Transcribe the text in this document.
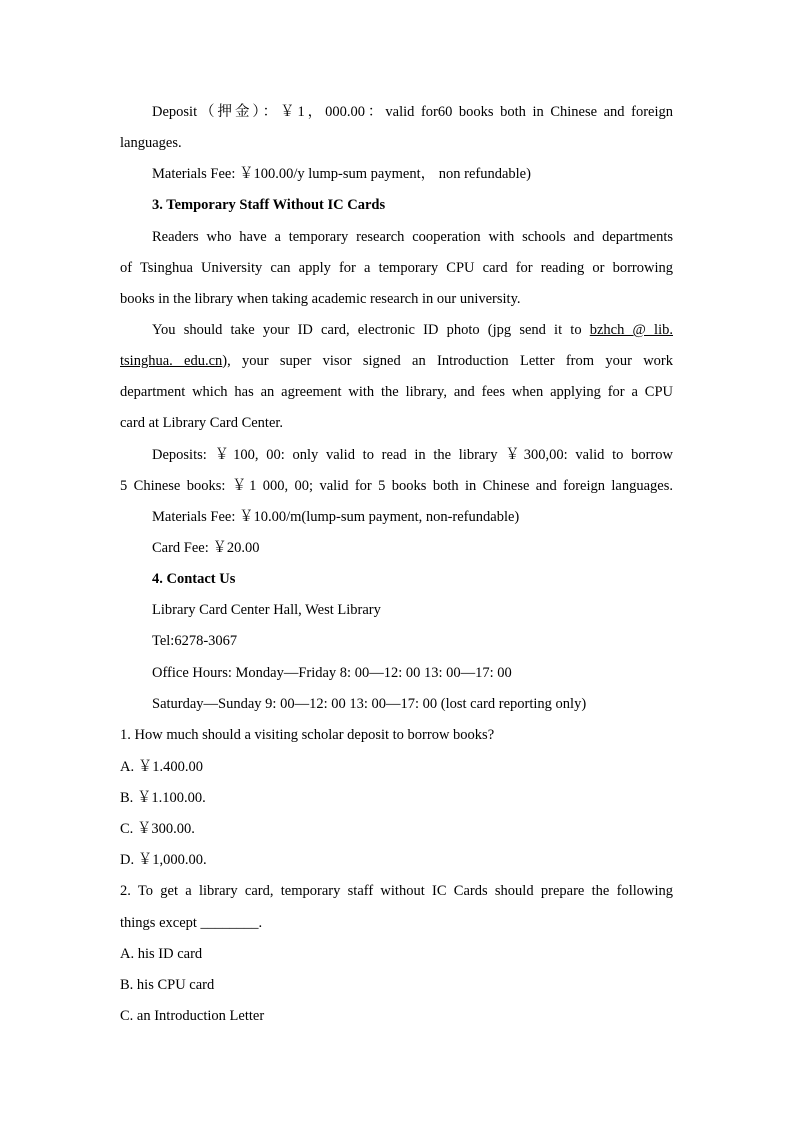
Deposit（押金）：￥1，000.00：valid for60 books both in Chinese and foreign
languages.
Materials Fee: ￥100.00/y lump-sum payment， non refundable)
3. Temporary Staff Without IC Cards
Readers who have a temporary research cooperation with schools and departments
of Tsinghua University can apply for a temporary CPU card for reading or borrowing
books in the library when taking academic research in our university.
You should take your ID card, electronic ID photo (jpg send it to bzhch @ lib.
tsinghua. edu.cn), your super visor signed an Introduction Letter from your work
department which has an agreement with the library, and fees when applying for a CPU
card at Library Card Center.
Deposits: ￥100, 00: only valid to read in the library ￥300,00: valid to borrow
5 Chinese books: ￥1 000, 00; valid for 5 books both in Chinese and foreign languages.
Materials Fee: ￥10.00/m(lump-sum payment, non-refundable)
Card Fee: ￥20.00
4. Contact Us
Library Card Center Hall, West Library
Tel:6278-3067
Office Hours: Monday—Friday 8: 00—12: 00 13: 00—17: 00
Saturday—Sunday 9: 00—12: 00 13: 00—17: 00 (lost card reporting only)
1. How much should a visiting scholar deposit to borrow books?
A. ￥1.400.00
B. ￥1.100.00.
C. ￥300.00.
D. ￥1,000.00.
2. To get a library card, temporary staff without IC Cards should prepare the following
things except ________.
A. his ID card
B. his CPU card
C. an Introduction Letter
